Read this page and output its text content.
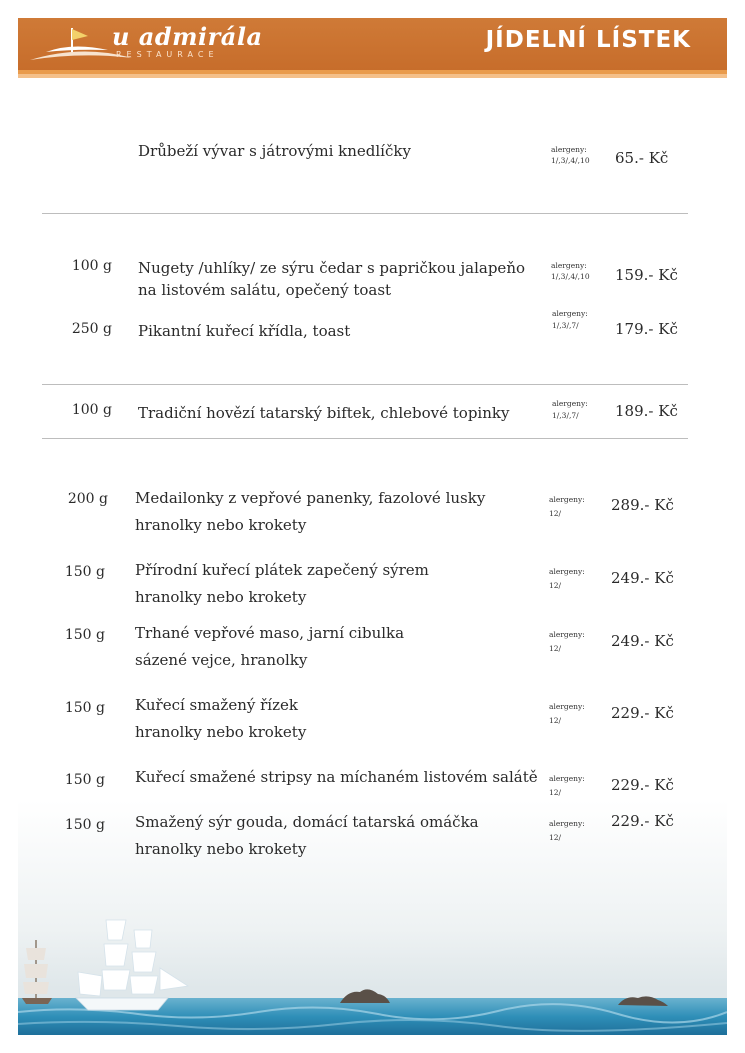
u admirála
RESTAURACE
JÍDELNÍ LÍSTEK
Drůbeží vývar s játrovými knedlíčky	alergeny:
1/,3/,4/,10 65.- Kč
100 g Nugety /uhlíky/ ze sýru čedar s papričkou jalapeňo
na listovém salátu, opečený toast
alergeny:
1/,3/,4/,10 159.- Kč
250 g Pikantní kuřecí křídla, toast
alergeny:
1/,3/,7/ 179.- Kč
100 g Tradiční hovězí tatarský biftek, chlebové topinky
alergeny:
1/,3/,7/ 189.- Kč
200 g Medailonky z vepřové panenky, fazolové lusky
hranolky nebo krokety
alergeny:
12/	289.- Kč
150 g Přírodní kuřecí plátek zapečený sýrem
hranolky nebo krokety
alergeny:
12/	249.- Kč
150 g Trhané vepřové maso, jarní cibulka
sázené vejce, hranolky
alergeny:
12/	249.- Kč
150 g Kuřecí smažený řízek
hranolky nebo krokety
alergeny:
12/	229.- Kč
150 g Kuřecí smažené stripsy na míchaném listovém salátě alergeny:
12/	229.- Kč
150 g Smažený sýr gouda, domácí tatarská omáčka
hranolky nebo krokety
alergeny:
12/
229.- Kč
